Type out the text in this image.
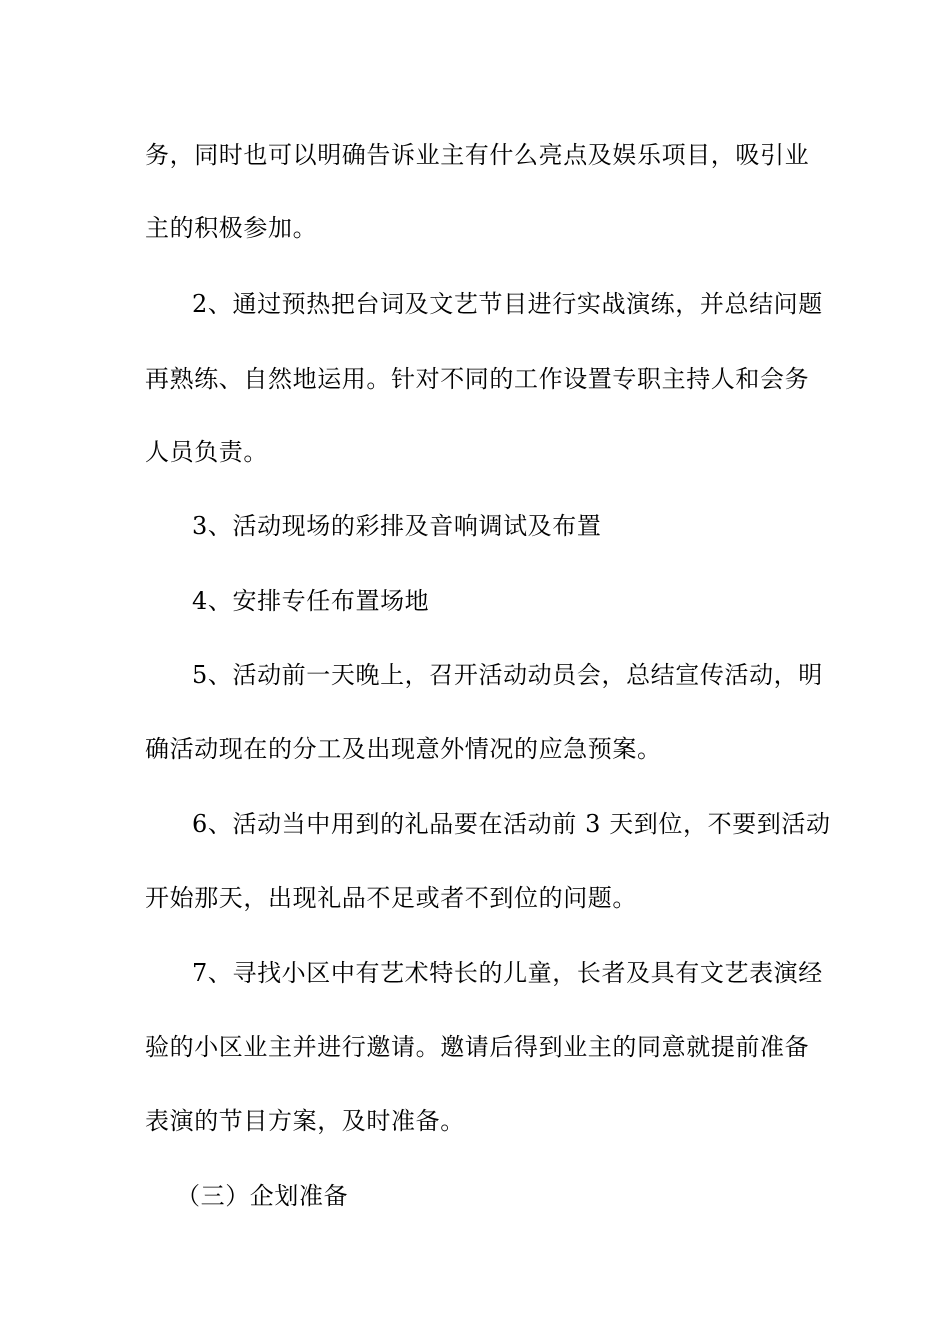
务，同时也可以明确告诉业主有什么亮点及娱乐项目，吸引业
主的积极参加。
2、通过预热把台词及文艺节目进行实战演练，并总结问题
再熟练、自然地运用。针对不同的工作设置专职主持人和会务
人员负责。
3、活动现场的彩排及音响调试及布置
4、安排专任布置场地
5、活动前一天晚上，召开活动动员会，总结宣传活动，明
确活动现在的分工及出现意外情况的应急预案。
6、活动当中用到的礼品要在活动前 3 天到位，不要到活动
开始那天，出现礼品不足或者不到位的问题。
7、寻找小区中有艺术特长的儿童，长者及具有文艺表演经
验的小区业主并进行邀请。邀请后得到业主的同意就提前准备
表演的节目方案，及时准备。
（三）企划准备
